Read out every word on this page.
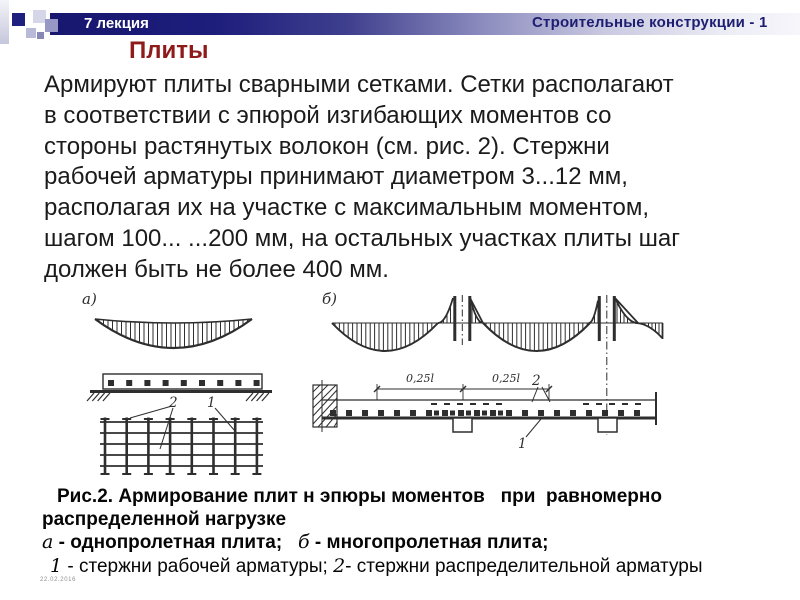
7 лекция	Строительные конструкции - 1
Плиты
Армируют плиты сварными сетками. Сетки располагают
в соответствии с эпюрой изгибающих моментов со
стороны растянутых волокон (см. рис. 2). Стержни
рабочей арматуры принимают диаметром 3...12 мм,
располагая их на участке с максимальным моментом,
шагом 100... ...200 мм, на остальных участках плиты шаг
должен быть не более 400 мм.
а)
2 1
б)
0,25l	0,25l 2
1
Рис.2. Армирование плит н эпюры моментов   при  равномерно
распределенной нагрузке
а - однопролетная плита;   б - многопролетная плита;
1 - стержни рабочей арматуры; 2- стержни распределительной арматуры
22.02.2016
